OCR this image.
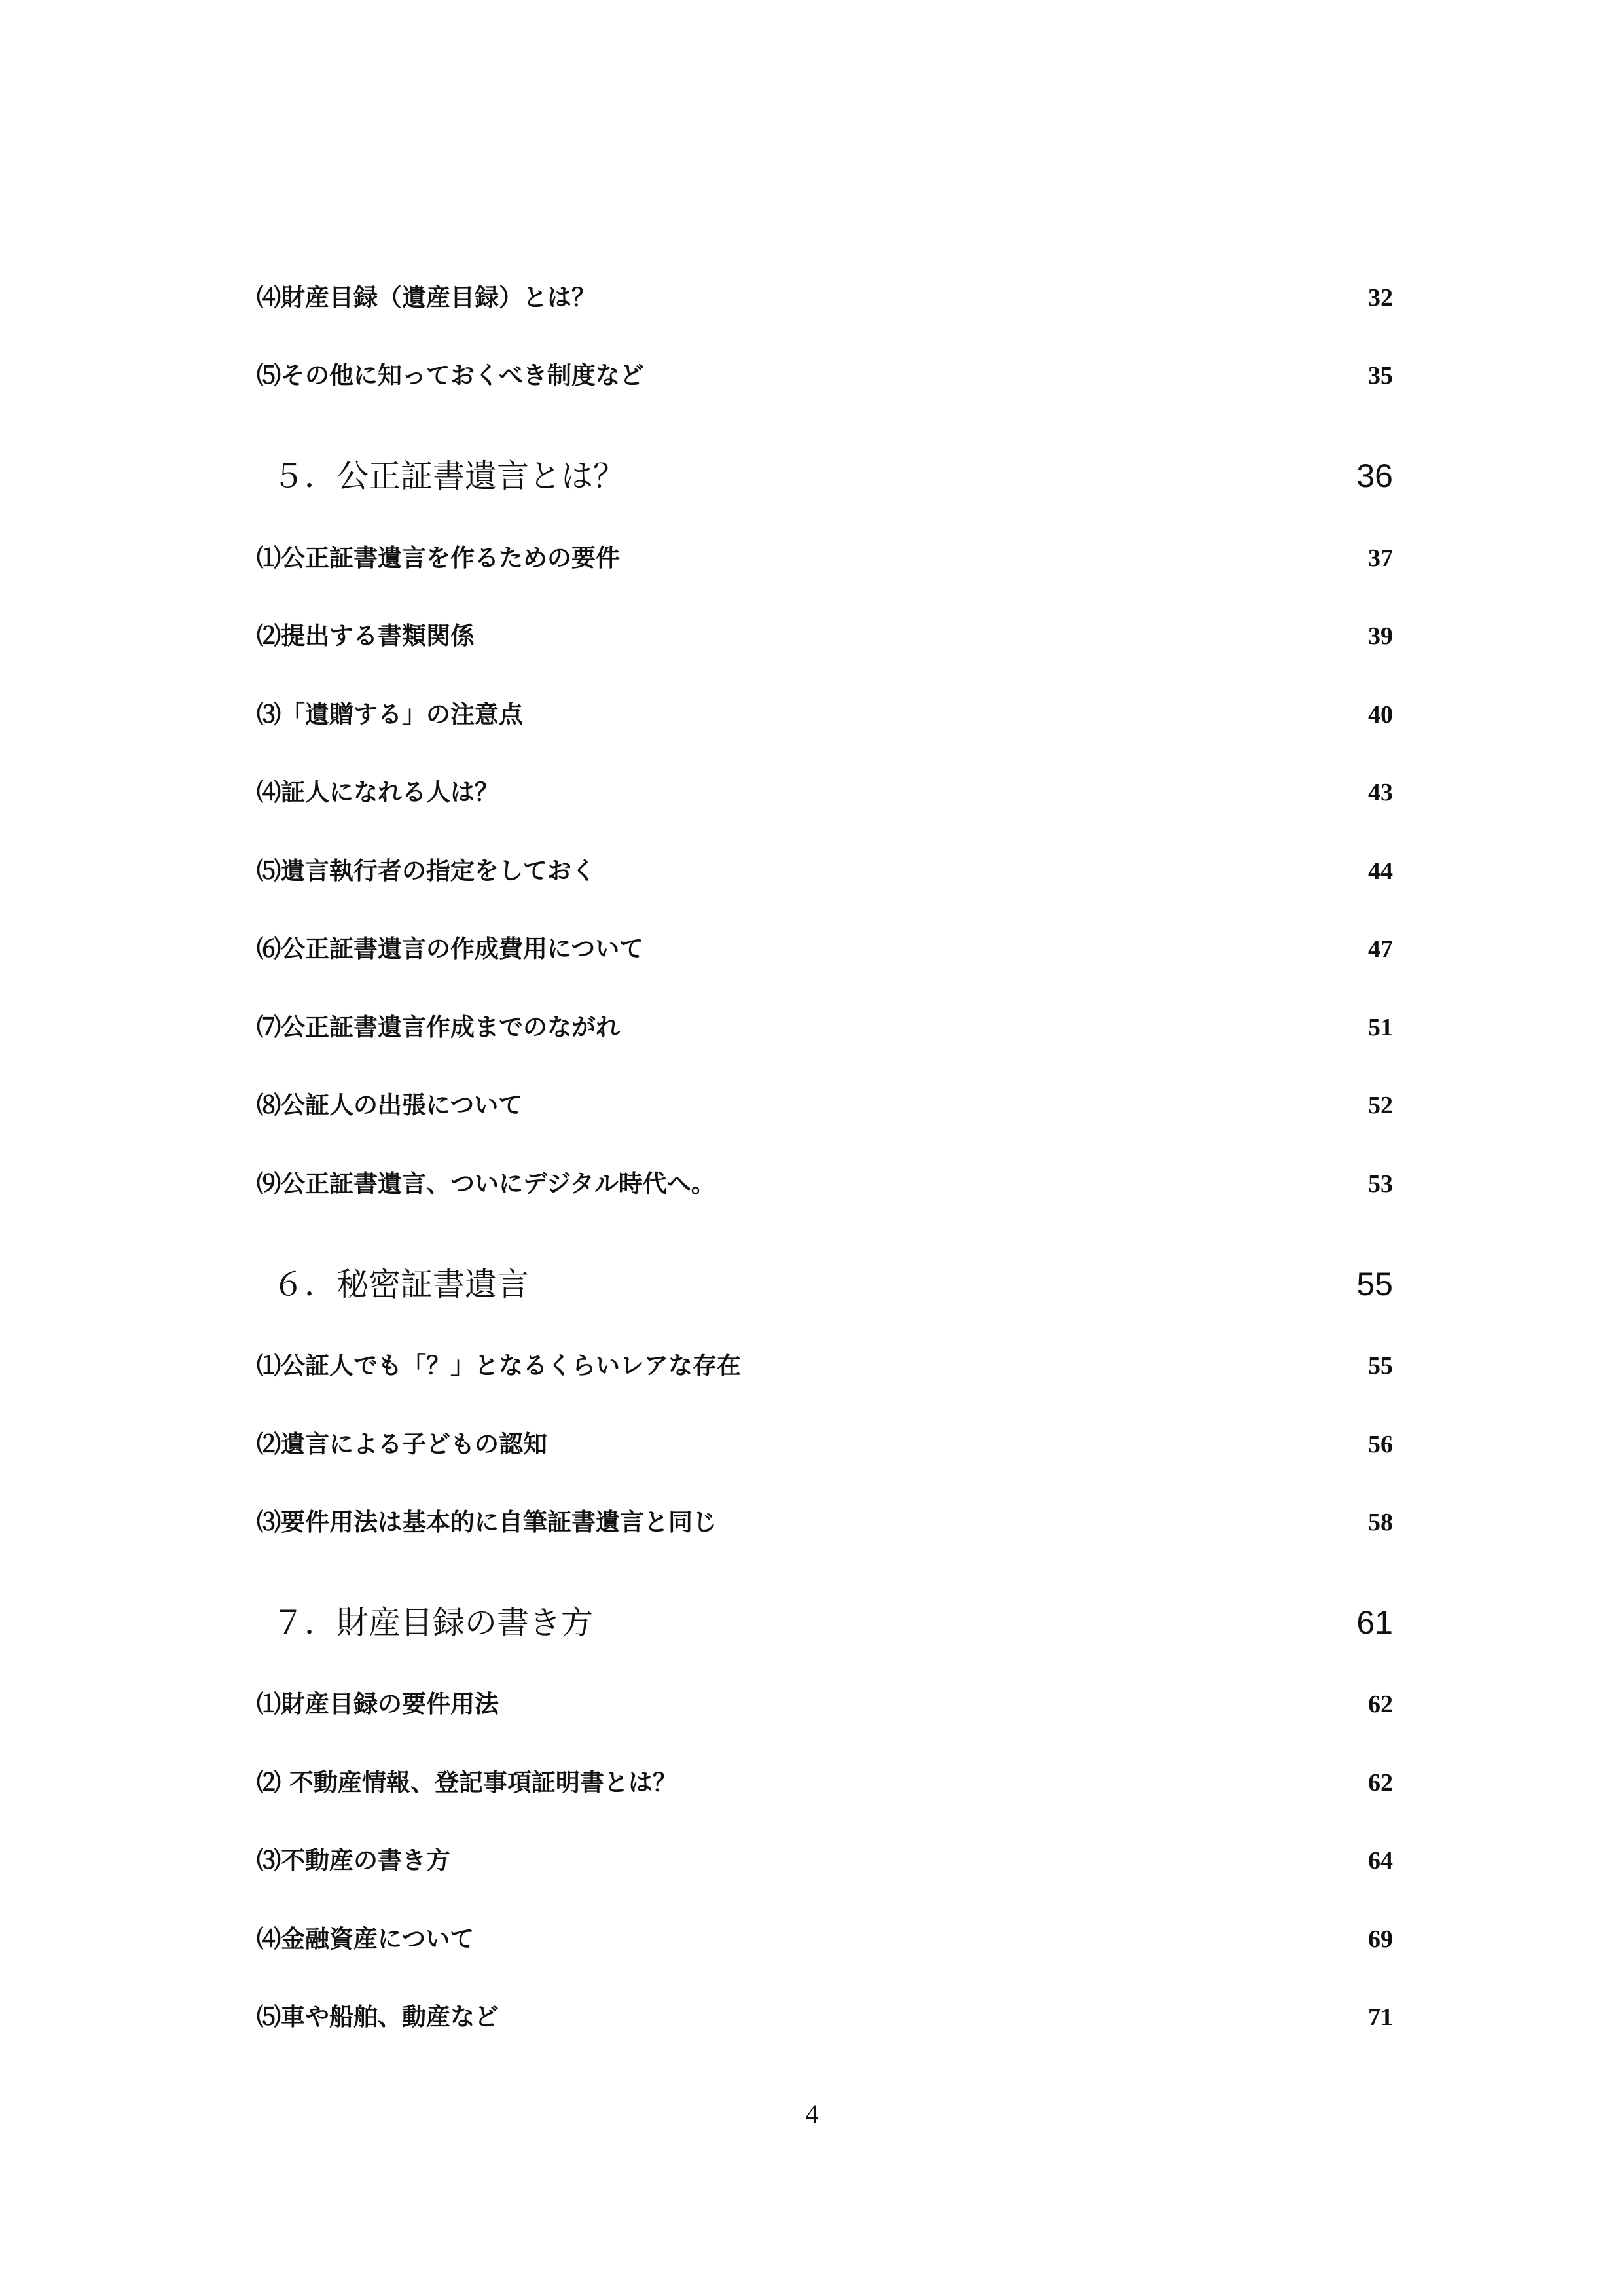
⑷財産目録（遺産目録）とは？	32
⑸その他に知っておくべき制度など	35
５．公正証書遺言とは？	36
⑴公正証書遺言を作るための要件	37
⑵提出する書類関係	39
⑶「遺贈する」の注意点	40
⑷証人になれる人は？	43
⑸遺言執行者の指定をしておく	44
⑹公正証書遺言の作成費用について	47
⑺公正証書遺言作成までのながれ	51
⑻公証人の出張について	52
⑼公正証書遺言、ついにデジタル時代へ。	53
６．秘密証書遺言	55
⑴公証人でも「？」となるくらいレアな存在	55
⑵遺言による子どもの認知	56
⑶要件用法は基本的に自筆証書遺言と同じ	58
７．財産目録の書き方	61
⑴財産目録の要件用法	62
⑵ 不動産情報、登記事項証明書とは？	62
⑶不動産の書き方	64
⑷金融資産について	69
⑸車や船舶、動産など	71
4
